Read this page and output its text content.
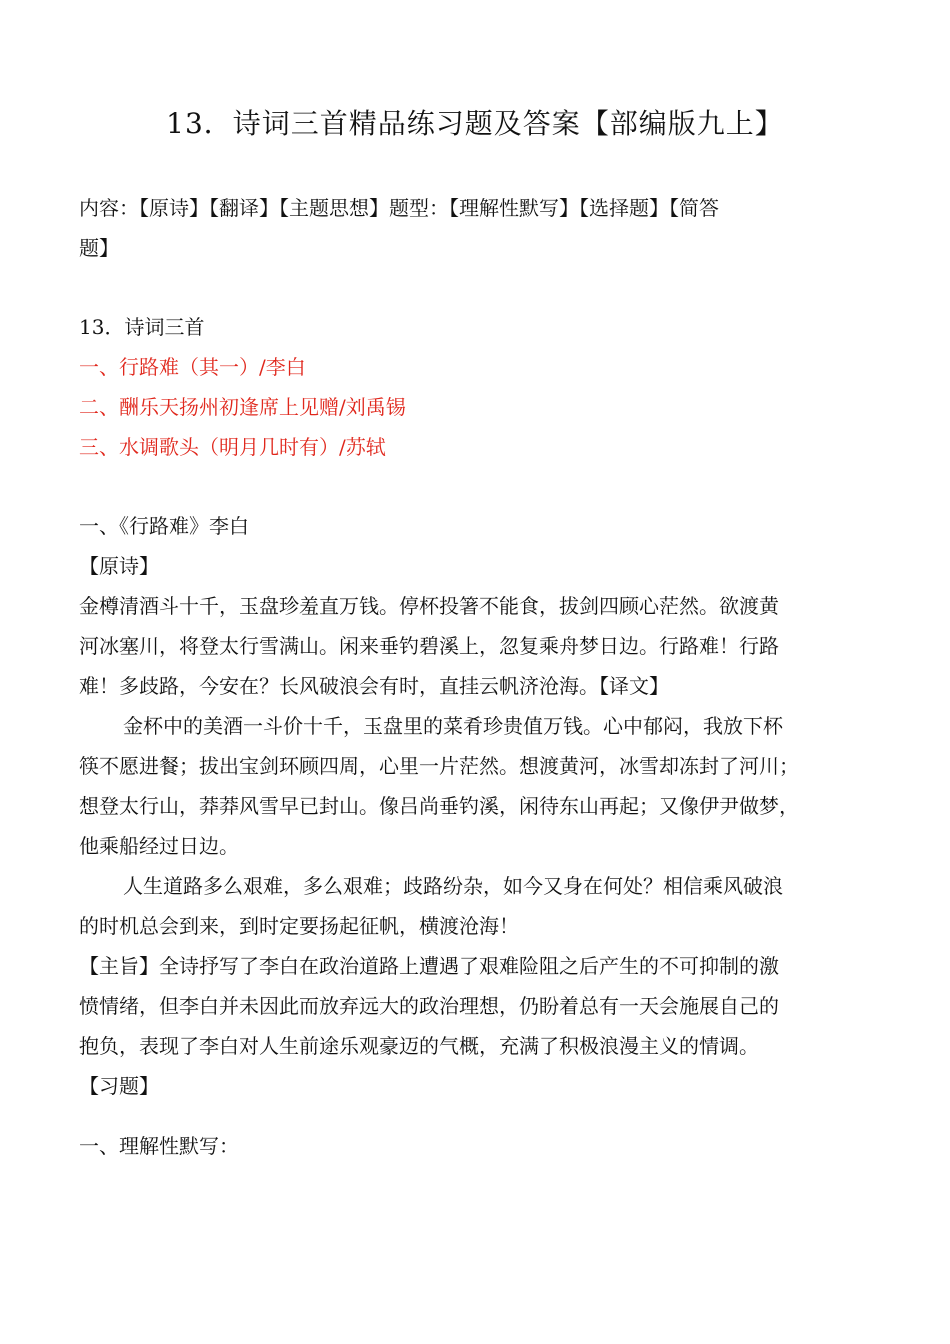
13．诗词三首精品练习题及答案【部编版九上】
内容：【原诗】【翻译】【主题思想】题型：【理解性默写】【选择题】【简答
题】
13．诗词三首
一、行路难（其一）/李白
二、酬乐天扬州初逢席上见赠/刘禹锡
三、水调歌头（明月几时有）/苏轼
一、《行路难》李白
【原诗】
金樽清酒斗十千，玉盘珍羞直万钱。停杯投箸不能食，拔剑四顾心茫然。欲渡黄
河冰塞川，将登太行雪满山。闲来垂钓碧溪上，忽复乘舟梦日边。行路难！行路
难！多歧路，今安在？长风破浪会有时，直挂云帆济沧海。【译文】
金杯中的美酒一斗价十千，玉盘里的菜肴珍贵值万钱。心中郁闷，我放下杯
筷不愿进餐；拔出宝剑环顾四周，心里一片茫然。想渡黄河，冰雪却冻封了河川；
想登太行山，莽莽风雪早已封山。像吕尚垂钓溪，闲待东山再起；又像伊尹做梦，
他乘船经过日边。
人生道路多么艰难，多么艰难；歧路纷杂，如今又身在何处？相信乘风破浪
的时机总会到来，到时定要扬起征帆，横渡沧海！
【主旨】全诗抒写了李白在政治道路上遭遇了艰难险阻之后产生的不可抑制的激
愤情绪，但李白并未因此而放弃远大的政治理想，仍盼着总有一天会施展自己的
抱负，表现了李白对人生前途乐观豪迈的气概，充满了积极浪漫主义的情调。
【习题】
一、理解性默写：
